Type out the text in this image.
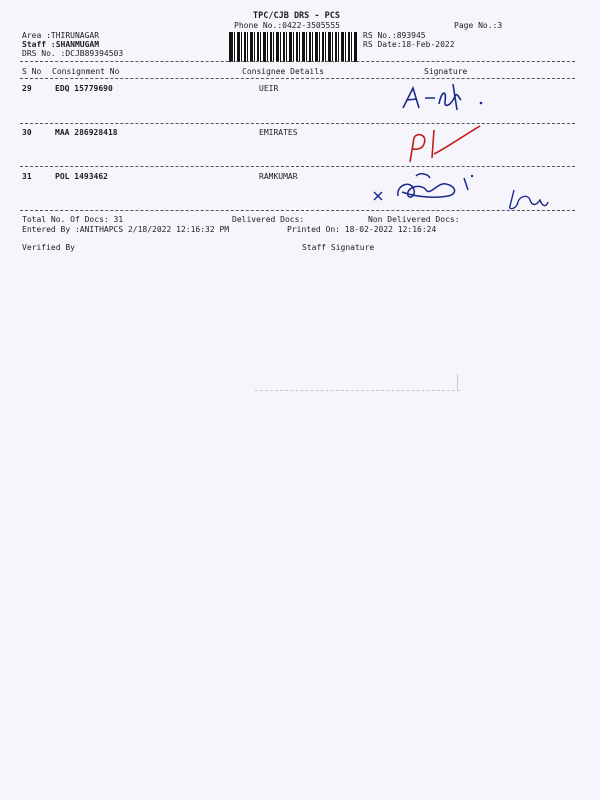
TPC/CJB DRS - PCS
Phone No.:0422-3505555	Page No.:3
Area :THIRUNAGAR
Staff :SHANMUGAM
DRS No. :DCJB89394503
RS No.:893945
RS Date:18-Feb-2022
S No Consignment No	Consignee Details	Signature
29	EDQ 15779690	UEIR
30	MAA 286928418	EMIRATES
31	POL 1493462	RAMKUMAR
Total No. Of Docs: 31	Delivered Docs:	Non Delivered Docs:
Entered By :ANITHAPCS 2/18/2022 12:16:32 PM	Printed On: 18-02-2022 12:16:24
Verified By	Staff Signature
